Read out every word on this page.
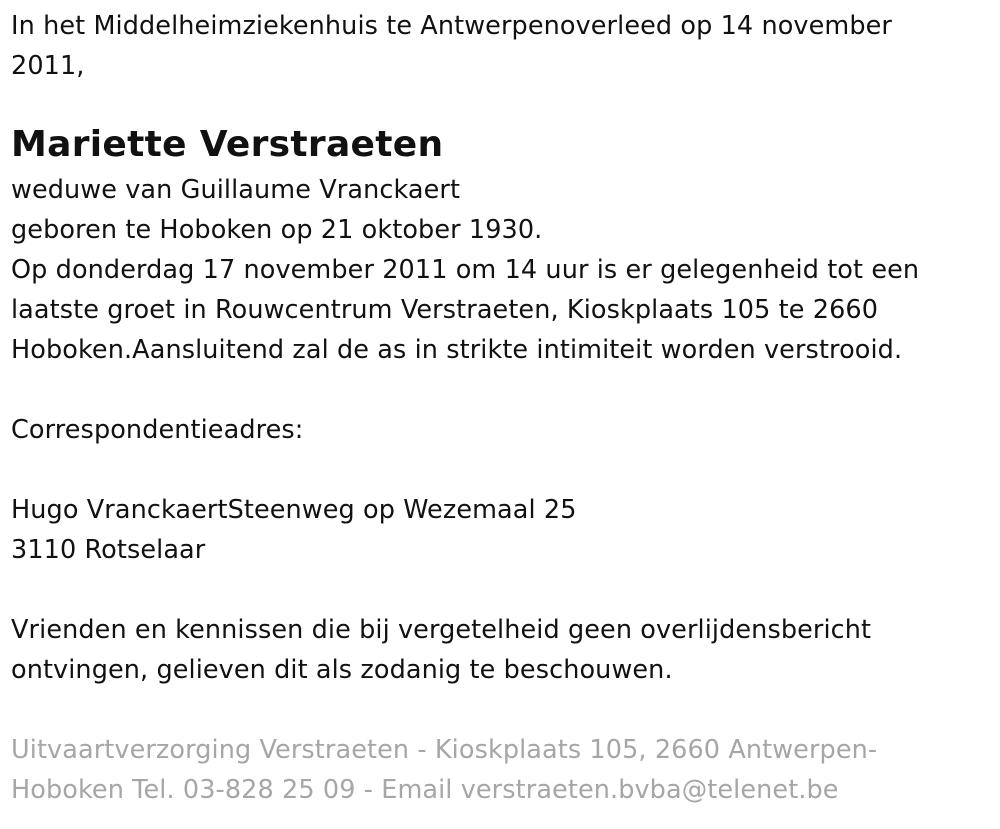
In het Middelheimziekenhuis te Antwerpenoverleed op 14 november
2011,
Mariette Verstraeten
weduwe van Guillaume Vranckaert
geboren te Hoboken op 21 oktober 1930.
Op donderdag 17 november 2011 om 14 uur is er gelegenheid tot een
laatste groet in Rouwcentrum Verstraeten, Kioskplaats 105 te 2660
Hoboken.Aansluitend zal de as in strikte intimiteit worden verstrooid.
Correspondentieadres:
Hugo VranckaertSteenweg op Wezemaal 25
3110 Rotselaar
Vrienden en kennissen die bij vergetelheid geen overlijdensbericht
ontvingen, gelieven dit als zodanig te beschouwen.
Uitvaartverzorging Verstraeten - Kioskplaats 105, 2660 Antwerpen-
Hoboken Tel. 03-828 25 09 - Email verstraeten.bvba@telenet.be
